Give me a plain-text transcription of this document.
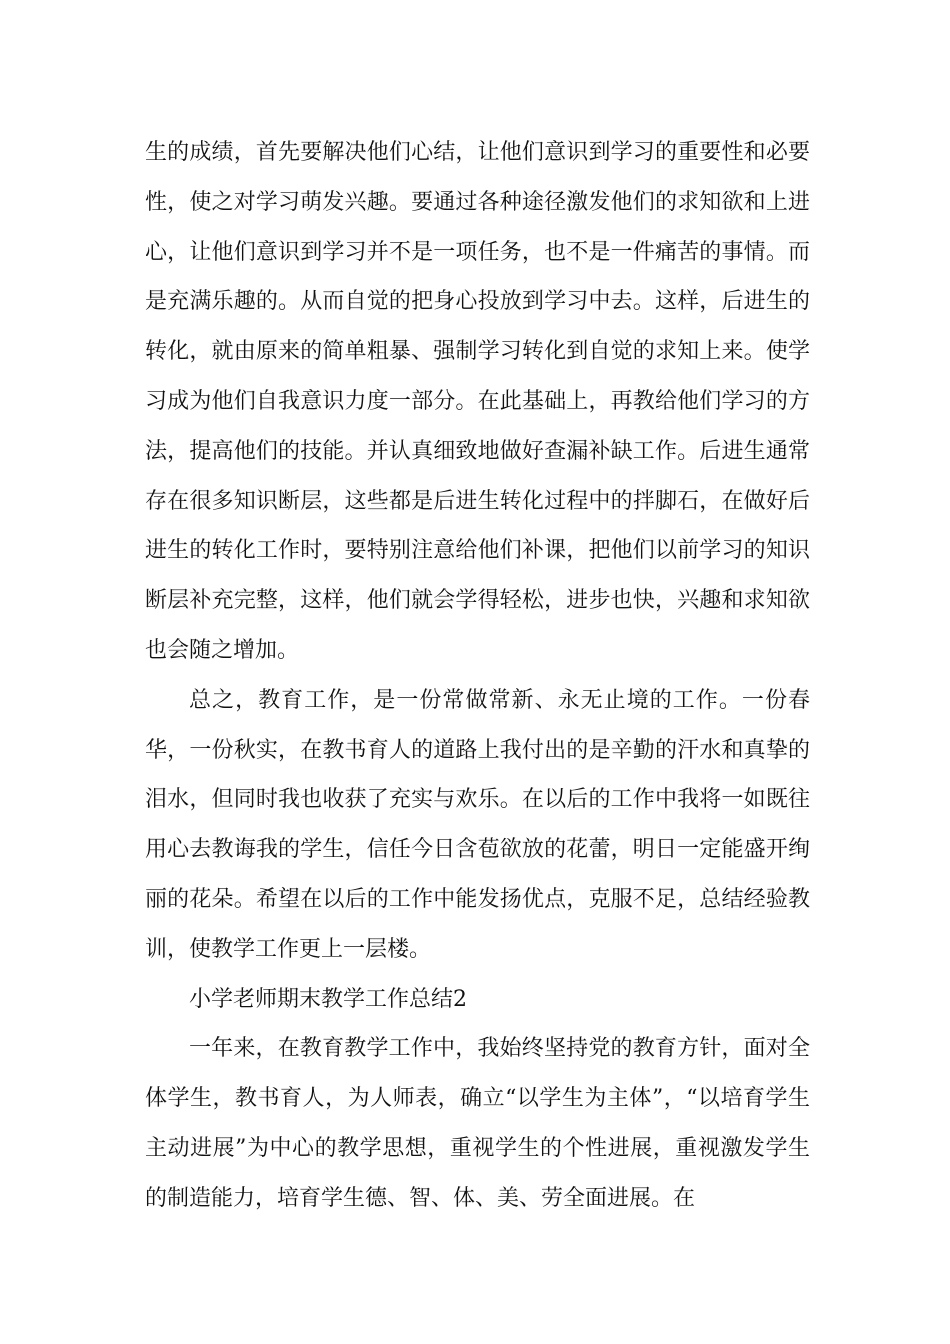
生的成绩，首先要解决他们心结，让他们意识到学习的重要性和必要性，使之对学习萌发兴趣。要通过各种途径激发他们的求知欲和上进心，让他们意识到学习并不是一项任务，也不是一件痛苦的事情。而是充满乐趣的。从而自觉的把身心投放到学习中去。这样，后进生的转化，就由原来的简单粗暴、强制学习转化到自觉的求知上来。使学习成为他们自我意识力度一部分。在此基础上，再教给他们学习的方法，提高他们的技能。并认真细致地做好查漏补缺工作。后进生通常存在很多知识断层，这些都是后进生转化过程中的拌脚石，在做好后进生的转化工作时，要特别注意给他们补课，把他们以前学习的知识断层补充完整，这样，他们就会学得轻松，进步也快，兴趣和求知欲也会随之增加。

总之，教育工作，是一份常做常新、永无止境的工作。一份春华，一份秋实，在教书育人的道路上我付出的是辛勤的汗水和真挚的泪水，但同时我也收获了充实与欢乐。在以后的工作中我将一如既往用心去教诲我的学生，信任今日含苞欲放的花蕾，明日一定能盛开绚丽的花朵。希望在以后的工作中能发扬优点，克服不足，总结经验教训，使教学工作更上一层楼。

小学老师期末教学工作总结2

一年来，在教育教学工作中，我始终坚持党的教育方针，面对全体学生，教书育人，为人师表，确立“以学生为主体”，“以培育学生主动进展”为中心的教学思想，重视学生的个性进展，重视激发学生的制造能力，培育学生德、智、体、美、劳全面进展。在
